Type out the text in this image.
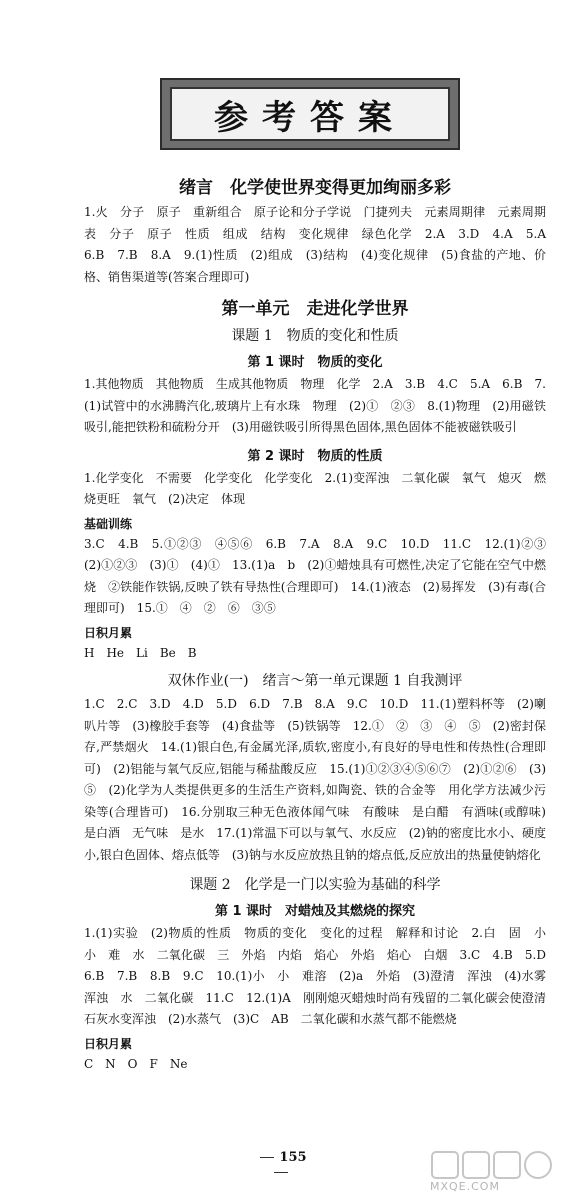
参考答案
绪言　化学使世界变得更加绚丽多彩

1.火　分子　原子　重新组合　原子论和分子学说　门捷列夫　元素周期律　元素周期表　分子　原子　性质　组成　结构　变化规律　绿色化学　2.A　3.D　4.A　5.A　6.B　7.B　8.A　9.(1)性质　(2)组成　(3)结构　(4)变化规律　(5)食盐的产地、价格、销售渠道等(答案合理即可)

第一单元　走进化学世界
课题 1　物质的变化和性质
第 1 课时　物质的变化

1.其他物质　其他物质　生成其他物质　物理　化学　2.A　3.B　4.C　5.A　6.B　7.(1)试管中的水沸腾汽化,玻璃片上有水珠　物理　(2)①　②③　8.(1)物理　(2)用磁铁吸引,能把铁粉和硫粉分开　(3)用磁铁吸引所得黑色固体,黑色固体不能被磁铁吸引

第 2 课时　物质的性质

1.化学变化　不需要　化学变化　化学变化　2.(1)变浑浊　二氧化碳　氧气　熄灭　燃烧更旺　氧气　(2)决定　体现

基础训练

3.C　4.B　5.①②③　④⑤⑥　6.B　7.A　8.A　9.C　10.D　11.C　12.(1)②③　(2)①②③　(3)①　(4)①　13.(1)a　b　(2)①蜡烛具有可燃性,决定了它能在空气中燃烧　②铁能作铁锅,反映了铁有导热性(合理即可)　14.(1)液态　(2)易挥发　(3)有毒(合理即可)　15.①　④　②　⑥　③⑤

日积月累

H　He　Li　Be　B

双休作业(一)　绪言～第一单元课题 1 自我测评

1.C　2.C　3.D　4.D　5.D　6.D　7.B　8.A　9.C　10.D　11.(1)塑料杯等　(2)喇叭片等　(3)橡胶手套等　(4)食盐等　(5)铁锅等　12.①　②　③　④　⑤　(2)密封保存,严禁烟火　14.(1)银白色,有金属光泽,质软,密度小,有良好的导电性和传热性(合理即可)　(2)铝能与氧气反应,铝能与稀盐酸反应　15.(1)①②③④⑤⑥⑦　(2)①②⑥　(3)⑤　(2)化学为人类提供更多的生活生产资料,如陶瓷、铁的合金等　用化学方法减少污染等(合理皆可)　16.分别取三种无色液体闻气味　有酸味　是白醋　有酒味(或醇味)　是白酒　无气味　是水　17.(1)常温下可以与氧气、水反应　(2)钠的密度比水小、硬度小,银白色固体、熔点低等　(3)钠与水反应放热且钠的熔点低,反应放出的热量使钠熔化

课题 2　化学是一门以实验为基础的科学
第 1 课时　对蜡烛及其燃烧的探究

1.(1)实验　(2)物质的性质　物质的变化　变化的过程　解释和讨论　2.白　固　小　小　难　水　二氧化碳　三　外焰　内焰　焰心　外焰　焰心　白烟　3.C　4.B　5.D　6.B　7.B　8.B　9.C　10.(1)小　小　难溶　(2)a　外焰　(3)澄清　浑浊　(4)水雾　浑浊　水　二氧化碳　11.C　12.(1)A　刚刚熄灭蜡烛时尚有残留的二氧化碳会使澄清石灰水变浑浊　(2)水蒸气　(3)C　AB　二氧化碳和水蒸气都不能燃烧

日积月累

C　N　O　F　Ne

155
MXQE.COM
